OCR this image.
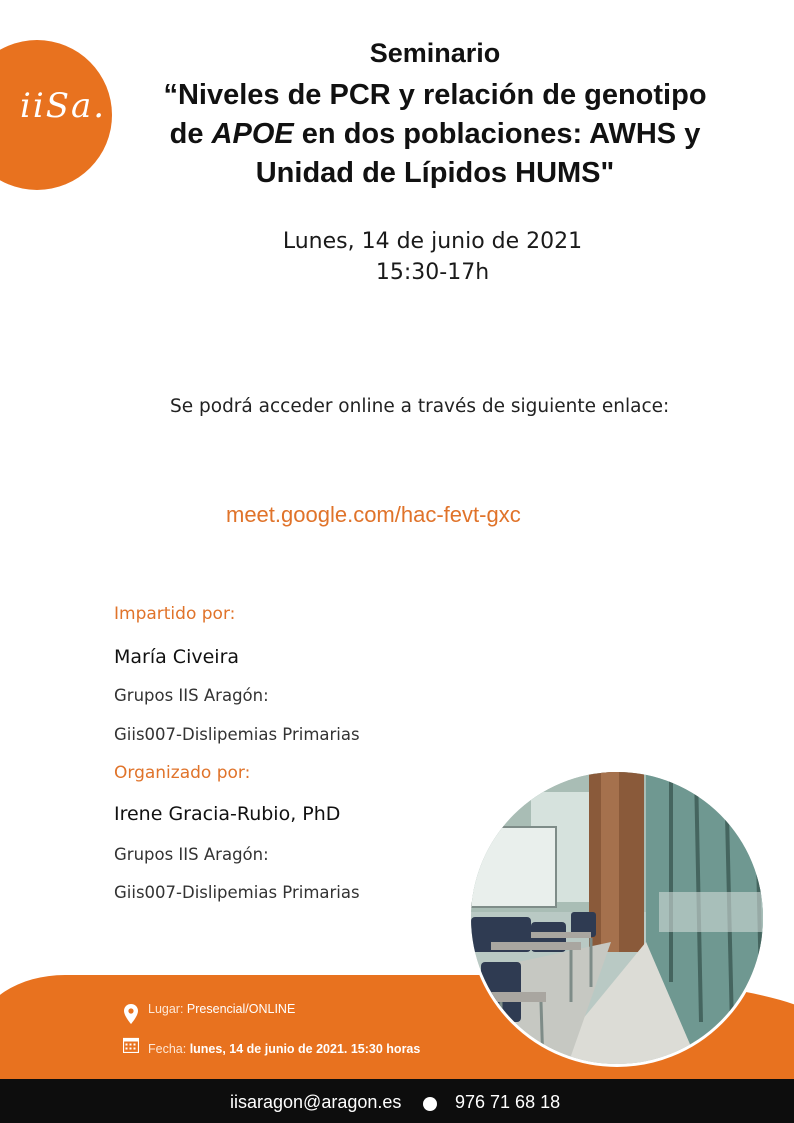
iiSa.
Seminario
“Niveles de PCR y relación de genotipo
de APOE en dos poblaciones: AWHS y
Unidad de Lípidos HUMS"
Lunes, 14 de junio de 2021
15:30-17h
Se podrá acceder online a través de siguiente enlace:
meet.google.com/hac-fevt-gxc
Impartido por:
María Civeira
Grupos IIS Aragón:
Giis007-Dislipemias Primarias
Organizado por:
Irene Gracia-Rubio, PhD
Grupos IIS Aragón:
Giis007-Dislipemias Primarias
Lugar: Presencial/ONLINE
Fecha: lunes, 14 de junio de 2021. 15:30 horas
iisaragon@aragon.es	976 71 68 18
